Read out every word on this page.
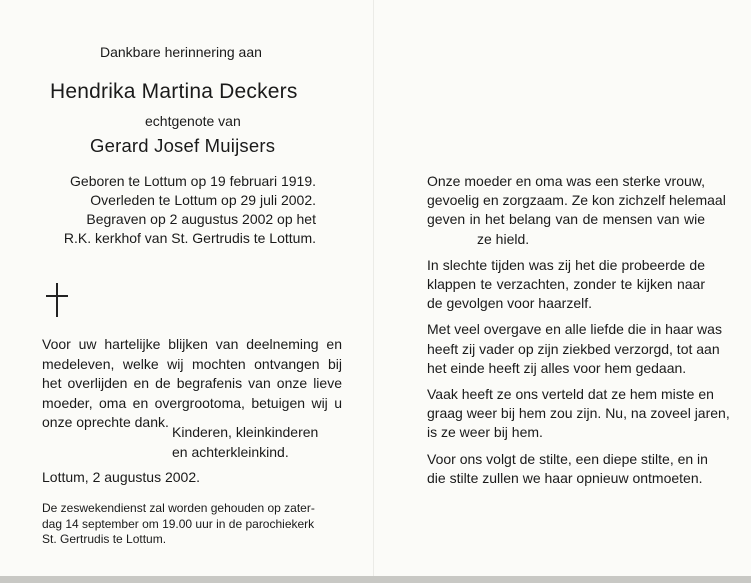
Dankbare herinnering aan
Hendrika Martina Deckers
echtgenote van
Gerard Josef Muijsers
Geboren te Lottum op 19 februari 1919.
Overleden te Lottum op 29 juli 2002.
Begraven op 2 augustus 2002 op het
R.K. kerkhof van St. Gertrudis te Lottum.
Voor uw hartelijke blijken van deelneming en
medeleven, welke wij mochten ontvangen bij
het overlijden en de begrafenis van onze lieve
moeder, oma en overgrootoma, betuigen wij u
onze oprechte dank.
Kinderen, kleinkinderen
en achterkleinkind.
Lottum, 2 augustus 2002.
De zeswekendienst zal worden gehouden op zater-
dag 14 september om 19.00 uur in de parochiekerk
St. Gertrudis te Lottum.

Onze moeder en oma was een sterke vrouw,
gevoelig en zorgzaam. Ze kon zichzelf helemaal
geven in het belang van de mensen van wie
ze hield.

In slechte tijden was zij het die probeerde de
klappen te verzachten, zonder te kijken naar
de gevolgen voor haarzelf.

Met veel overgave en alle liefde die in haar was
heeft zij vader op zijn ziekbed verzorgd, tot aan
het einde heeft zij alles voor hem gedaan.

Vaak heeft ze ons verteld dat ze hem miste en
graag weer bij hem zou zijn. Nu, na zoveel jaren,
is ze weer bij hem.

Voor ons volgt de stilte, een diepe stilte, en in
die stilte zullen we haar opnieuw ontmoeten.
